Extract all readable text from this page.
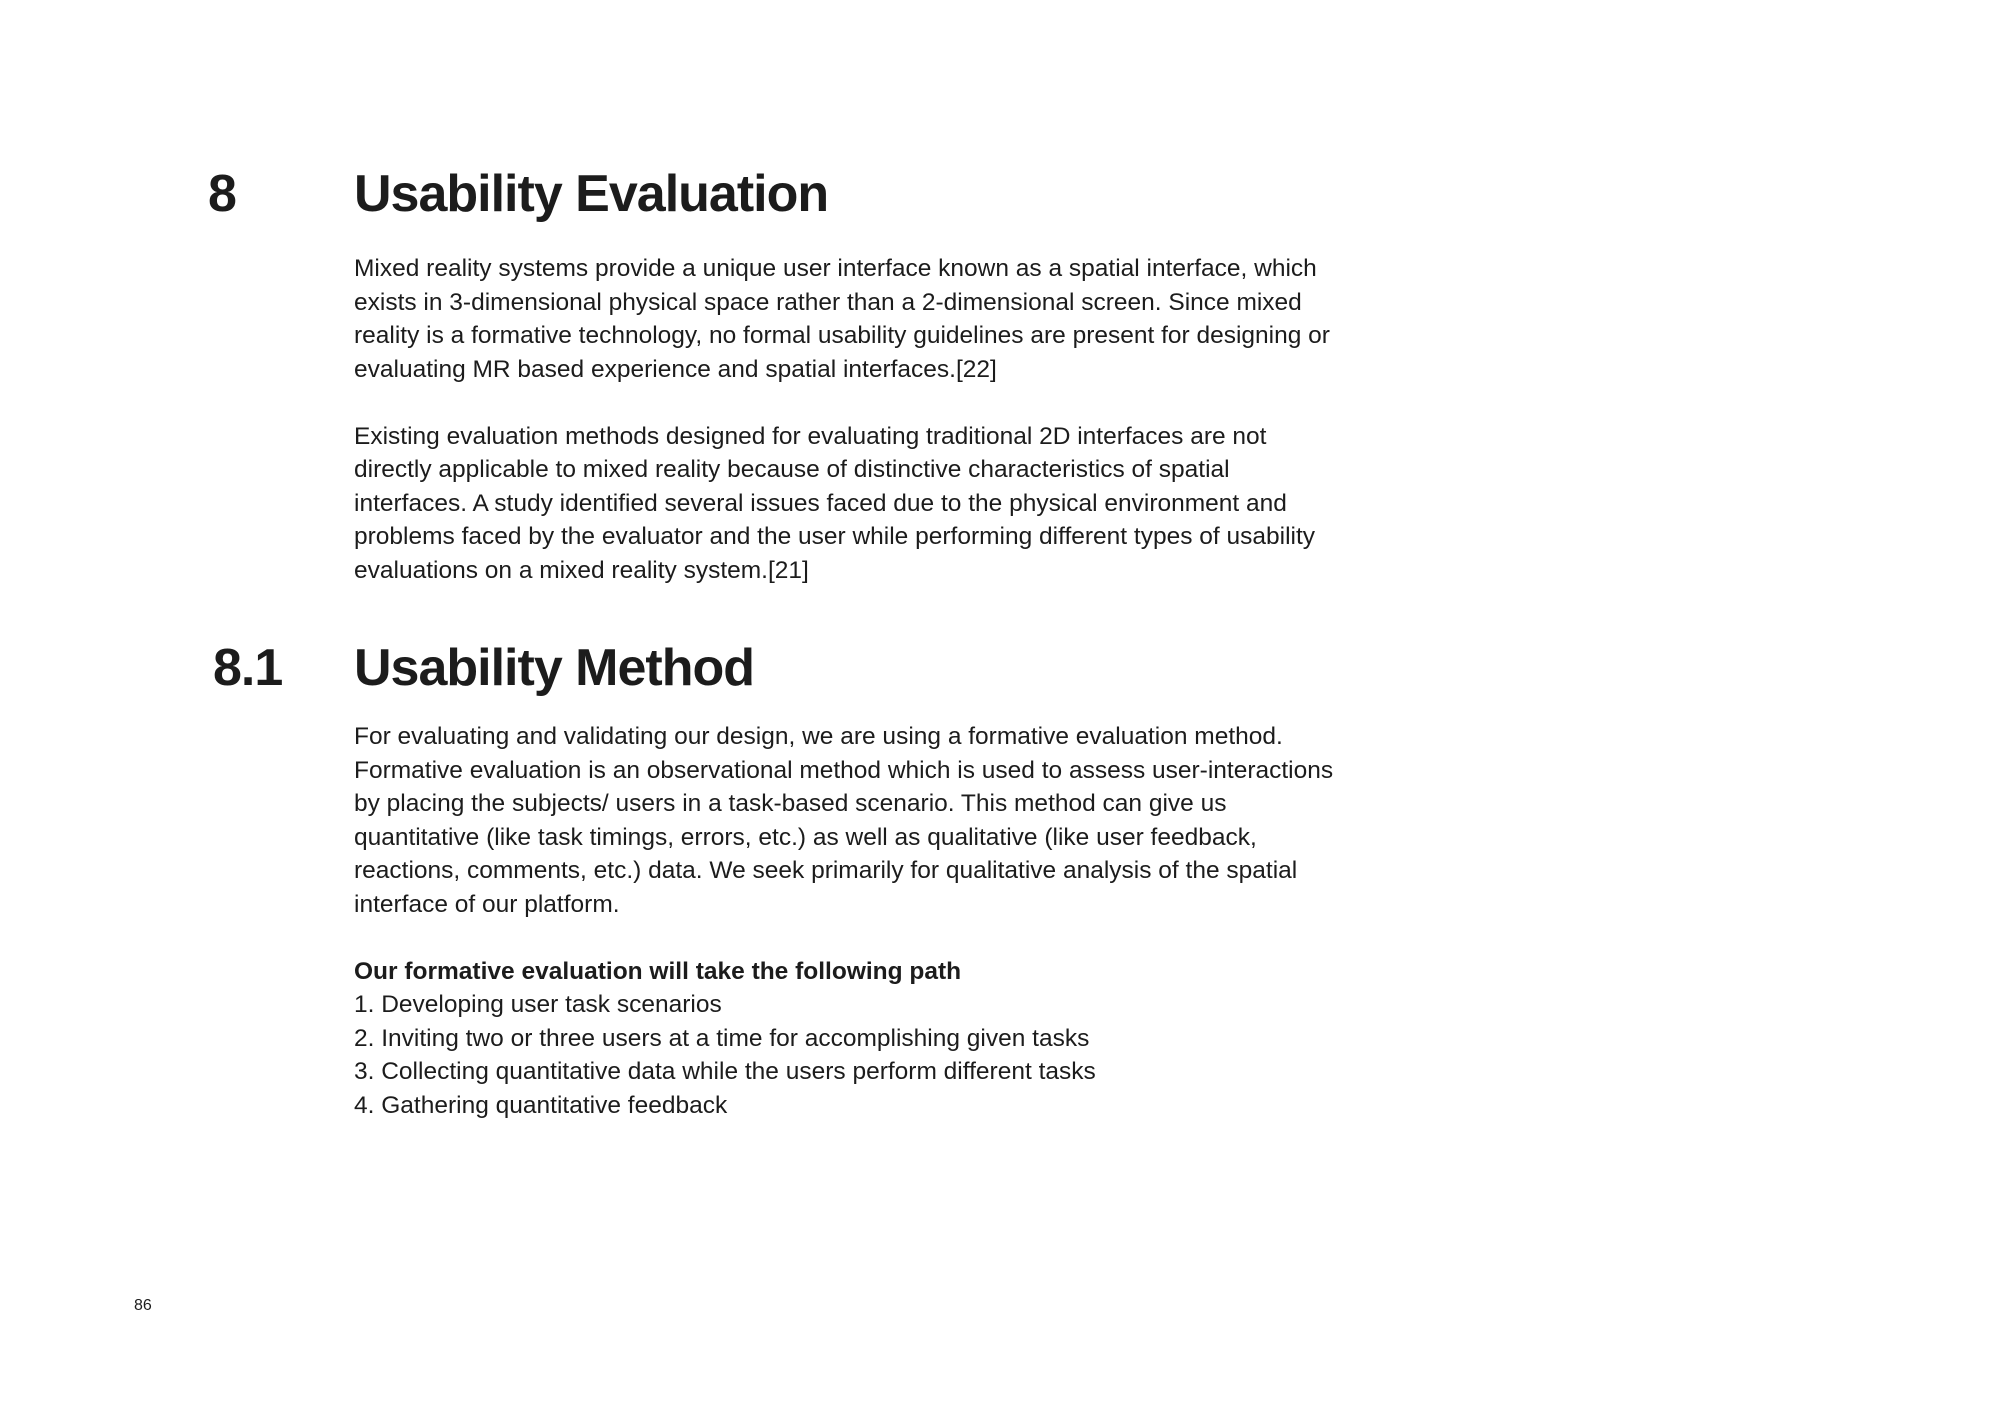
8 Usability Evaluation

Mixed reality systems provide a unique user interface known as a spatial interface, which exists in 3-dimensional physical space rather than a 2-dimensional screen. Since mixed reality is a formative technology, no formal usability guidelines are present for designing or evaluating MR based experience and spatial interfaces.[22]

Existing evaluation methods designed for evaluating traditional 2D interfaces are not directly applicable to mixed reality because of distinctive characteristics of spatial interfaces. A study identified several issues faced due to the physical environment and problems faced by the evaluator and the user while performing different types of usability evaluations on a mixed reality system.[21]

8.1 Usability Method

For evaluating and validating our design, we are using a formative evaluation method. Formative evaluation is an observational method which is used to assess user-interactions by placing the subjects/ users in a task-based scenario. This method can give us quantitative (like task timings, errors, etc.) as well as qualitative (like user feedback, reactions, comments, etc.) data. We seek primarily for qualitative analysis of the spatial interface of our platform.

Our formative evaluation will take the following path

1. Developing user task scenarios
2. Inviting two or three users at a time for accomplishing given tasks
3. Collecting quantitative data while the users perform different tasks
4. Gathering quantitative feedback
86
